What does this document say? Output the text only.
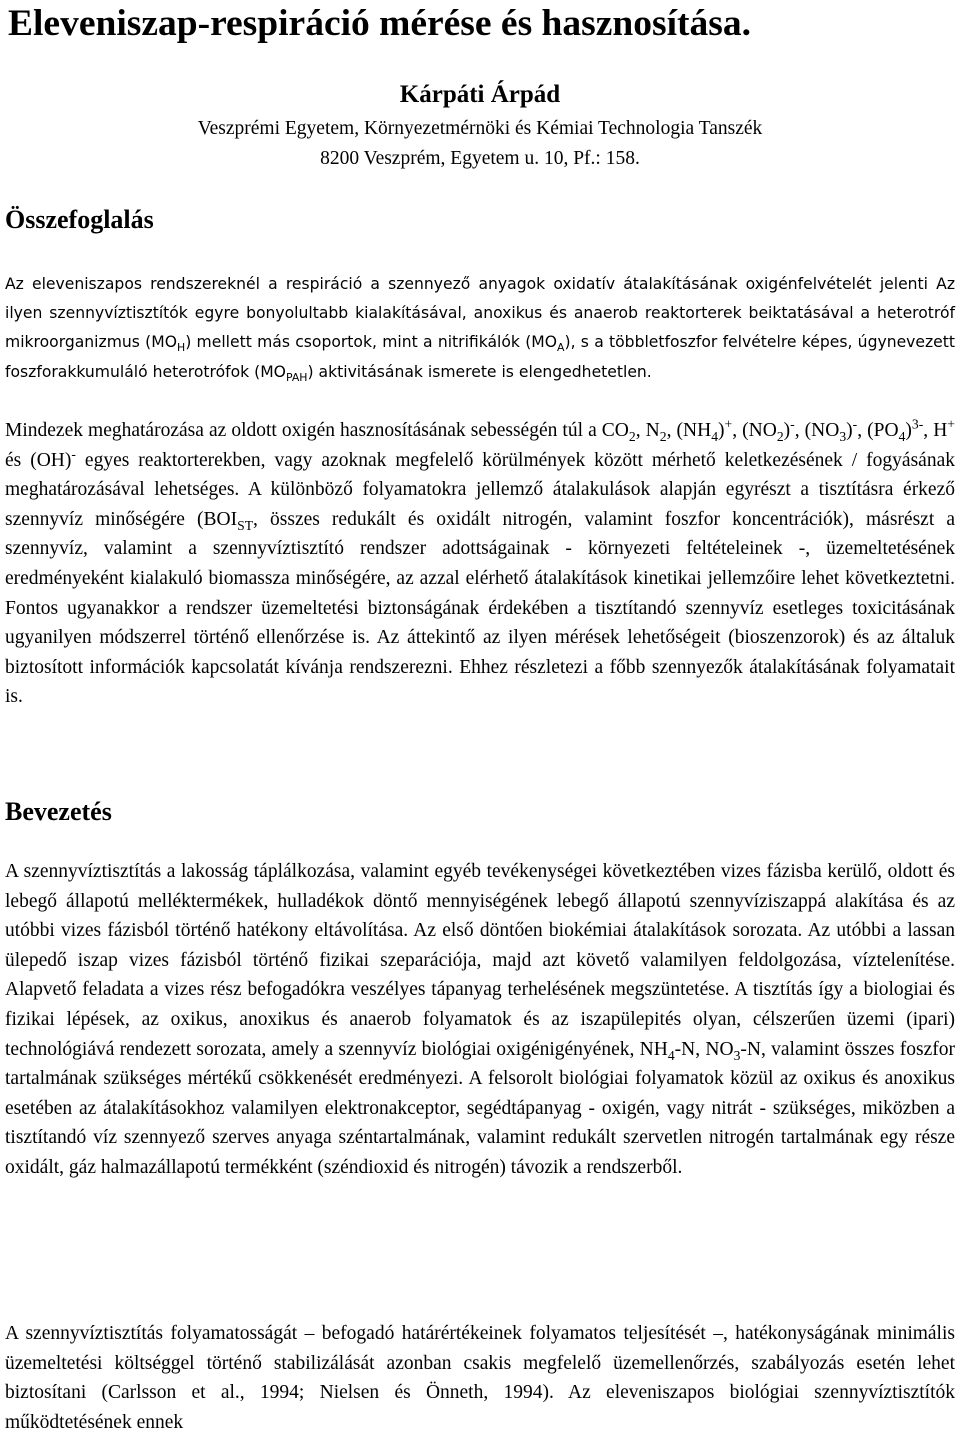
Eleveniszap-respiráció mérése és hasznosítása.

Kárpáti Árpád

Veszprémi Egyetem, Környezetmérnöki és Kémiai Technologia Tanszék

8200 Veszprém, Egyetem u. 10, Pf.: 158.

Összefoglalás

Az eleveniszapos rendszereknél a respiráció a szennyező anyagok oxidatív átalakításának oxigénfelvételét jelenti Az ilyen szennyvíztisztítók egyre bonyolultabb kialakításával, anoxikus és anaerob reaktorterek beiktatásával a heterotróf mikroorganizmus $(MO_H)$ mellett más csoportok, mint a nitrifikálók $(MO_A)$, s a többletfoszfor felvételre képes, úgynevezett foszforakkumuláló heterotrófok $(MO_{PAH})$ aktivitásának ismerete is elengedhetetlen.

Mindezek meghatározása az oldott oxigén hasznosításának sebességén túl a $CO_2$, $N_2$, $(NH_4)^+$, $(NO_2)^-$, $(NO_3)^-$, $(PO_4)^{3-}$, H+ és (OH)- egyes reaktorterekben, vagy azoknak megfelelő körülmények között mérhető keletkezésének / fogyásának meghatározásával lehetséges. A különböző folyamatokra jellemző átalakulások alapján egyrészt a tisztításra érkező szennyvíz minőségére ($BOI_{ST}$, összes redukált és oxidált nitrogén, valamint foszfor koncentrációk), másrészt a szennyvíz, valamint a szennyvíztisztító rendszer adottságainak - környezeti feltételeinek -, üzemeltetésének eredményeként kialakuló biomassza minőségére, az azzal elérhető átalakítások kinetikai jellemzőire lehet következtetni. Fontos ugyanakkor a rendszer üzemeltetési biztonságának érdekében a tisztítandó szennyvíz esetleges toxicitásának ugyanilyen módszerrel történő ellenőrzése is. Az áttekintő az ilyen mérések lehetőségeit (bioszenzorok) és az általuk biztosított információk kapcsolatát kívánja rendszerezni. Ehhez részletezi a főbb szennyezők átalakításának folyamatait is.

Bevezetés

A szennyvíztisztítás a lakosság táplálkozása, valamint egyéb tevékenységei következtében vizes fázisba kerülő, oldott és lebegő állapotú melléktermékek, hulladékok döntő mennyiségének lebegő állapotú szennyvíziszappá alakítása és az utóbbi vizes fázisból történő hatékony eltávolítása. Az első döntően biokémiai átalakítások sorozata. Az utóbbi a lassan ülepedő iszap vizes fázisból történő fizikai szeparációja, majd azt követő valamilyen feldolgozása, víztelenítése. Alapvető feladata a vizes rész befogadókra veszélyes tápanyag terhelésének megszüntetése. A tisztítás így a biologiai és fizikai lépések, az oxikus, anoxikus és anaerob folyamatok és az iszapülepités olyan, célszerűen üzemi (ipari) technológiává rendezett sorozata, amely a szennyvíz biológiai oxigénigényének, $NH_4-N$, $NO_3-N$, valamint összes foszfor tartalmának szükséges mértékű csökkenését eredményezi. A felsorolt biológiai folyamatok közül az oxikus és anoxikus esetében az átalakításokhoz valamilyen elektronakceptor, segédtápanyag - oxigén, vagy nitrát - szükséges, miközben a tisztítandó víz szennyező szerves anyaga széntartalmának, valamint redukált szervetlen nitrogén tartalmának egy része oxidált, gáz halmazállapotú termékként (széndioxid és nitrogén) távozik a rendszerből.

A szennyvíztisztítás folyamatosságát – befogadó határértékeinek folyamatos teljesítését –, hatékonyságának minimális üzemeltetési költséggel történő stabilizálását azonban csakis megfelelő üzemellenőrzés, szabályozás esetén lehet biztosítani (Carlsson et al., 1994; Nielsen és Önneth, 1994). Az eleveniszapos biológiai szennyvíztisztítók működtetésének ennek
